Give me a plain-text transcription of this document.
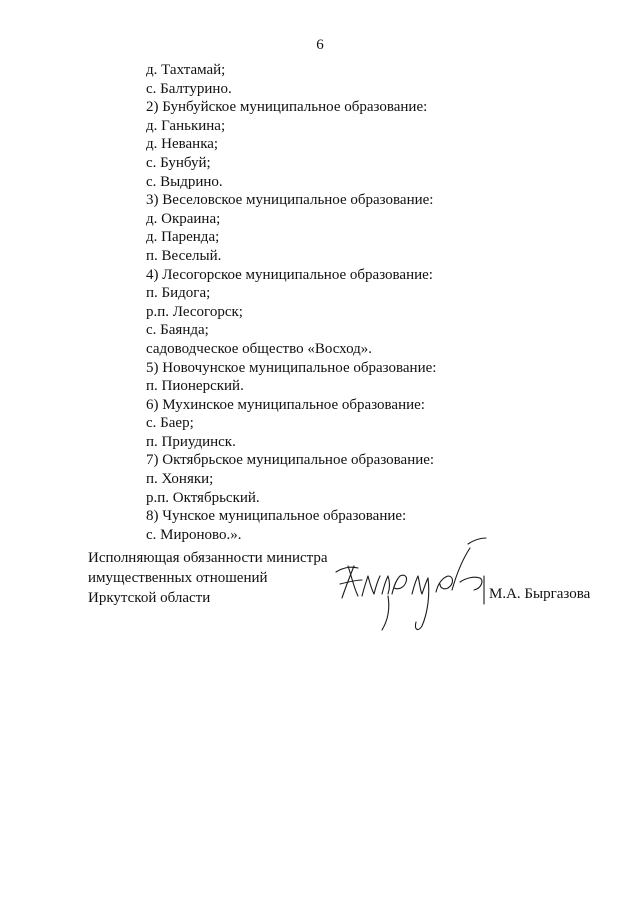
6
д. Тахтамай;
с. Балтурино.
2) Бунбуйское муниципальное образование:
д. Ганькина;
д. Неванка;
с. Бунбуй;
с. Выдрино.
3) Веселовское муниципальное образование:
д. Окраина;
д. Паренда;
п. Веселый.
4) Лесогорское муниципальное образование:
п. Бидога;
р.п. Лесогорск;
с. Баянда;
садоводческое общество «Восход».
5) Новочунское муниципальное образование:
п. Пионерский.
6) Мухинское муниципальное образование:
с. Баер;
п. Приудинск.
7) Октябрьское муниципальное образование:
п. Хоняки;
р.п. Октябрьский.
8) Чунское муниципальное образование:
с. Мироново.».
Исполняющая обязанности министра
имущественных отношений
Иркутской области	М.А. Быргазова
